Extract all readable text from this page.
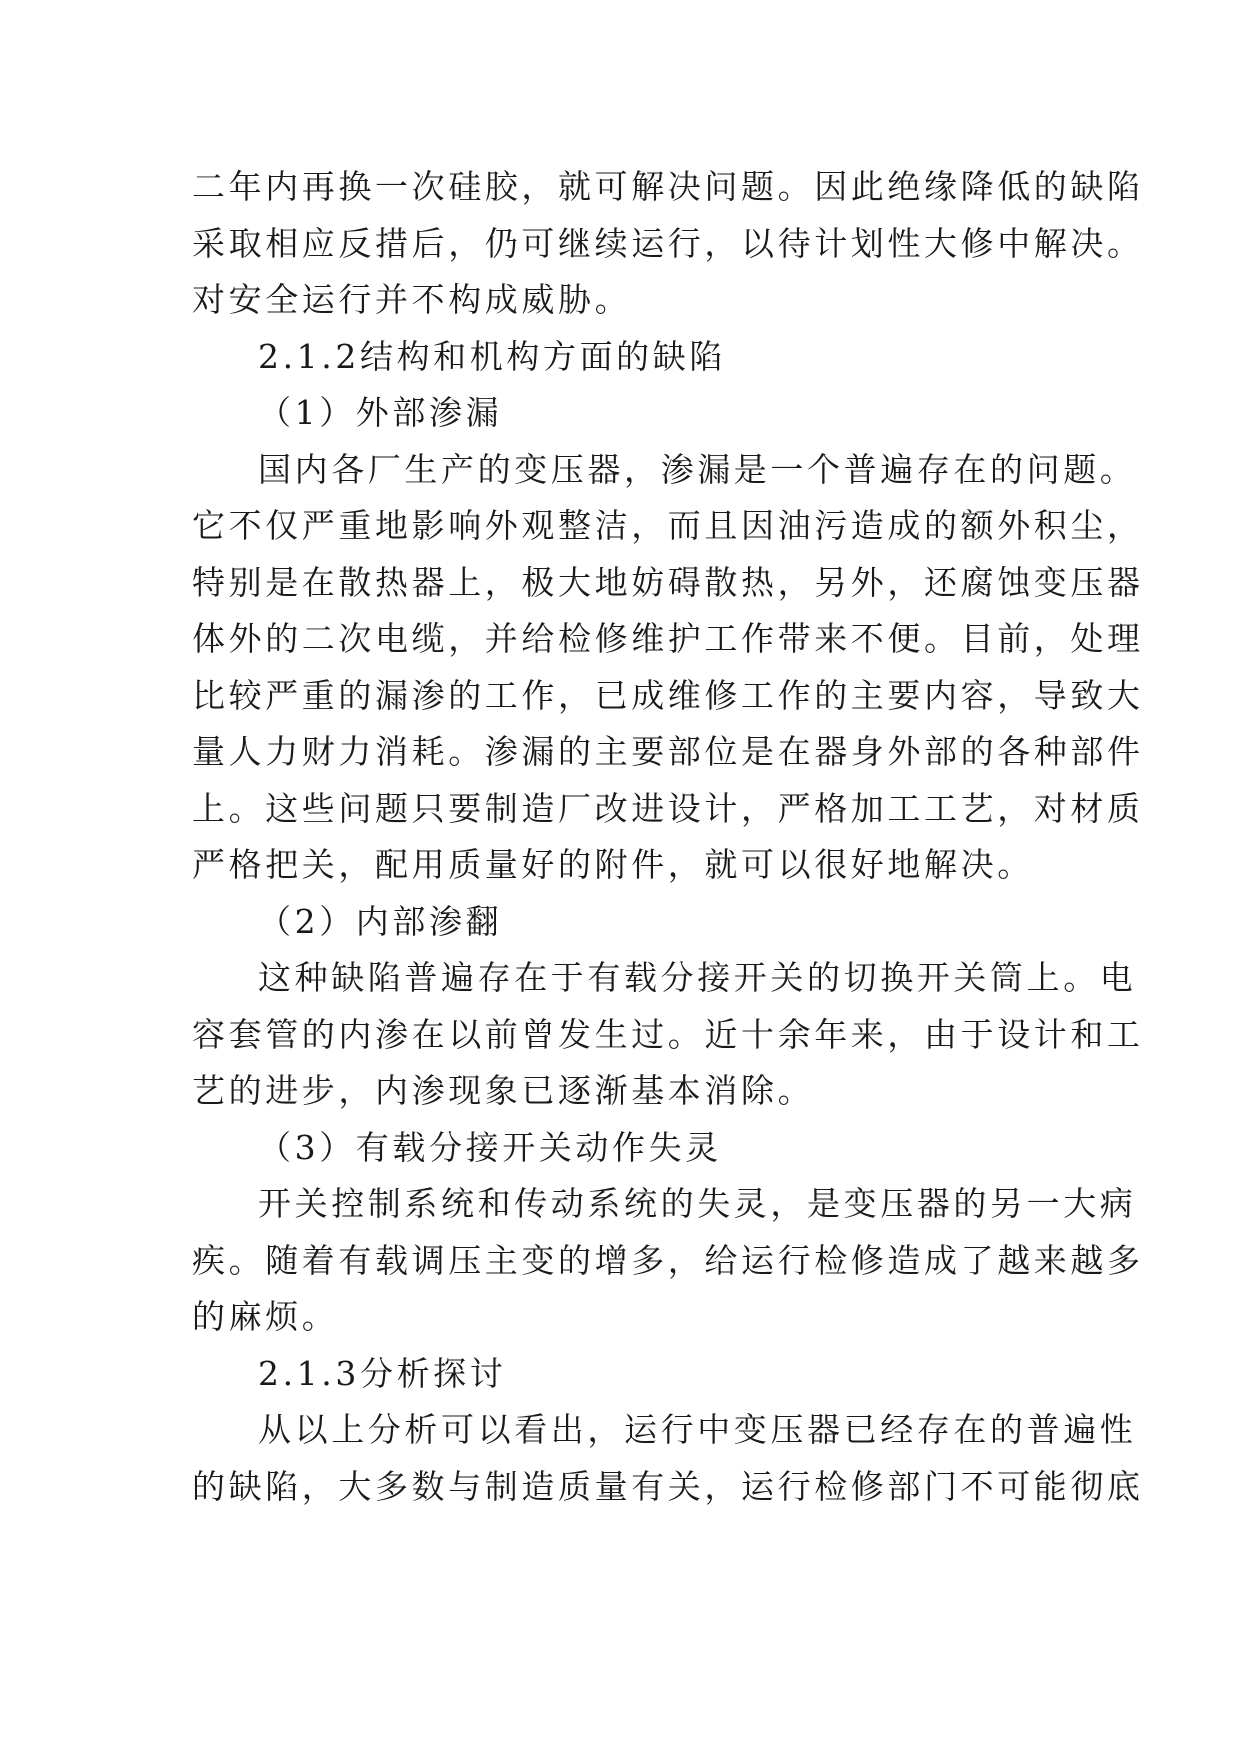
二年内再换一次硅胶，就可解决问题。因此绝缘降低的缺陷
采取相应反措后，仍可继续运行，以待计划性大修中解决。
对安全运行并不构成威胁。
2.1.2结构和机构方面的缺陷
（1）外部渗漏
国内各厂生产的变压器，渗漏是一个普遍存在的问题。
它不仅严重地影响外观整洁，而且因油污造成的额外积尘，
特别是在散热器上，极大地妨碍散热，另外，还腐蚀变压器
体外的二次电缆，并给检修维护工作带来不便。目前，处理
比较严重的漏渗的工作，已成维修工作的主要内容，导致大
量人力财力消耗。渗漏的主要部位是在器身外部的各种部件
上。这些问题只要制造厂改进设计，严格加工工艺，对材质
严格把关，配用质量好的附件，就可以很好地解决。
（2）内部渗翻
这种缺陷普遍存在于有载分接开关的切换开关筒上。电
容套管的内渗在以前曾发生过。近十余年来，由于设计和工
艺的进步，内渗现象已逐渐基本消除。
（3）有载分接开关动作失灵
开关控制系统和传动系统的失灵，是变压器的另一大病
疾。随着有载调压主变的增多，给运行检修造成了越来越多
的麻烦。
2.1.3分析探讨
从以上分析可以看出，运行中变压器已经存在的普遍性
的缺陷，大多数与制造质量有关，运行检修部门不可能彻底
